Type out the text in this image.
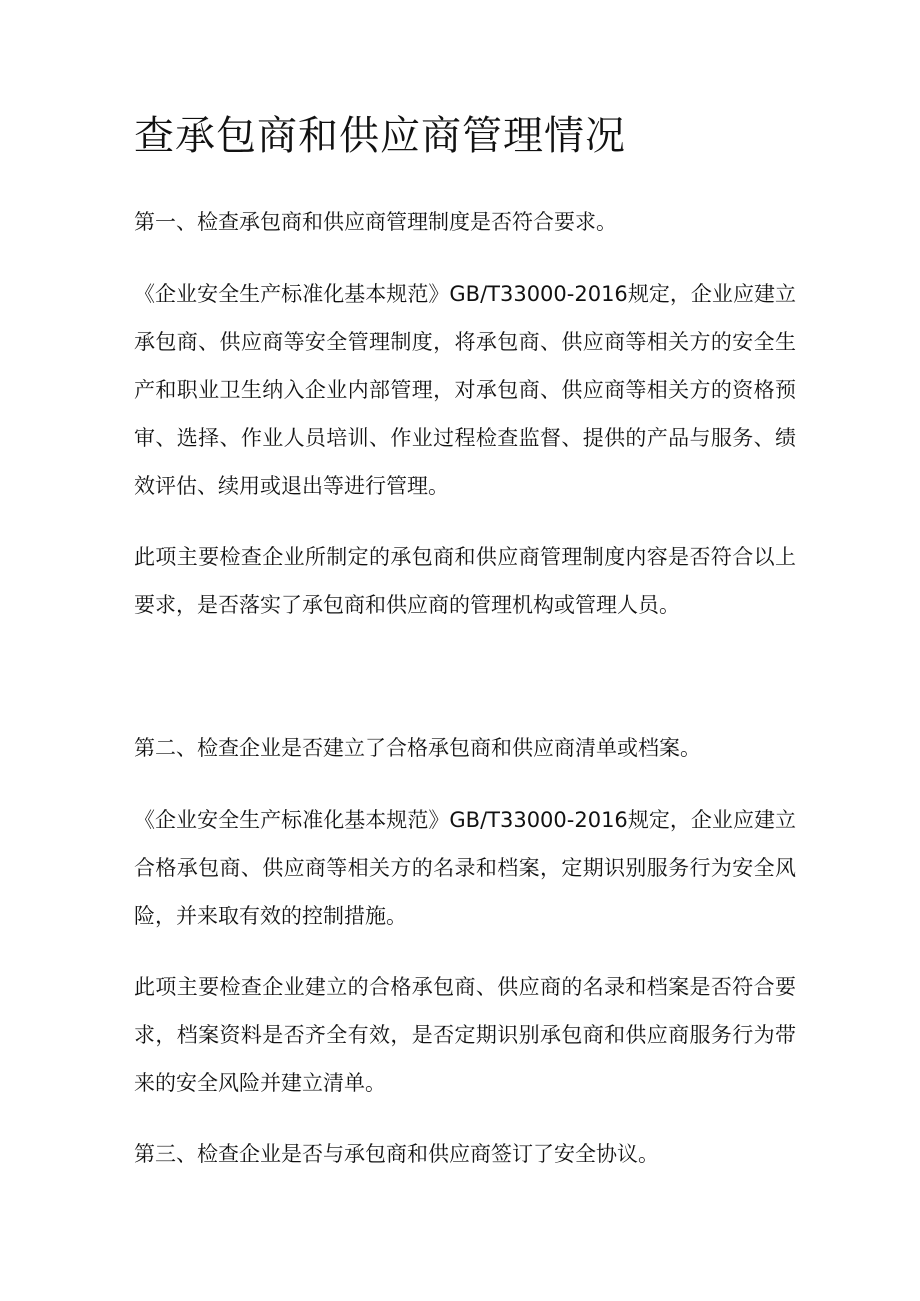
查承包商和供应商管理情况

第一、检查承包商和供应商管理制度是否符合要求。

《企业安全生产标准化基本规范》GB/T33000-2016规定，企业应建立承包商、供应商等安全管理制度，将承包商、供应商等相关方的安全生产和职业卫生纳入企业内部管理，对承包商、供应商等相关方的资格预审、选择、作业人员培训、作业过程检查监督、提供的产品与服务、绩效评估、续用或退出等进行管理。

此项主要检查企业所制定的承包商和供应商管理制度内容是否符合以上要求，是否落实了承包商和供应商的管理机构或管理人员。

第二、检查企业是否建立了合格承包商和供应商清单或档案。

《企业安全生产标准化基本规范》GB/T33000-2016规定，企业应建立合格承包商、供应商等相关方的名录和档案，定期识别服务行为安全风险，并来取有效的控制措施。

此项主要检查企业建立的合格承包商、供应商的名录和档案是否符合要求，档案资料是否齐全有效，是否定期识别承包商和供应商服务行为带来的安全风险并建立清单。

第三、检查企业是否与承包商和供应商签订了安全协议。
